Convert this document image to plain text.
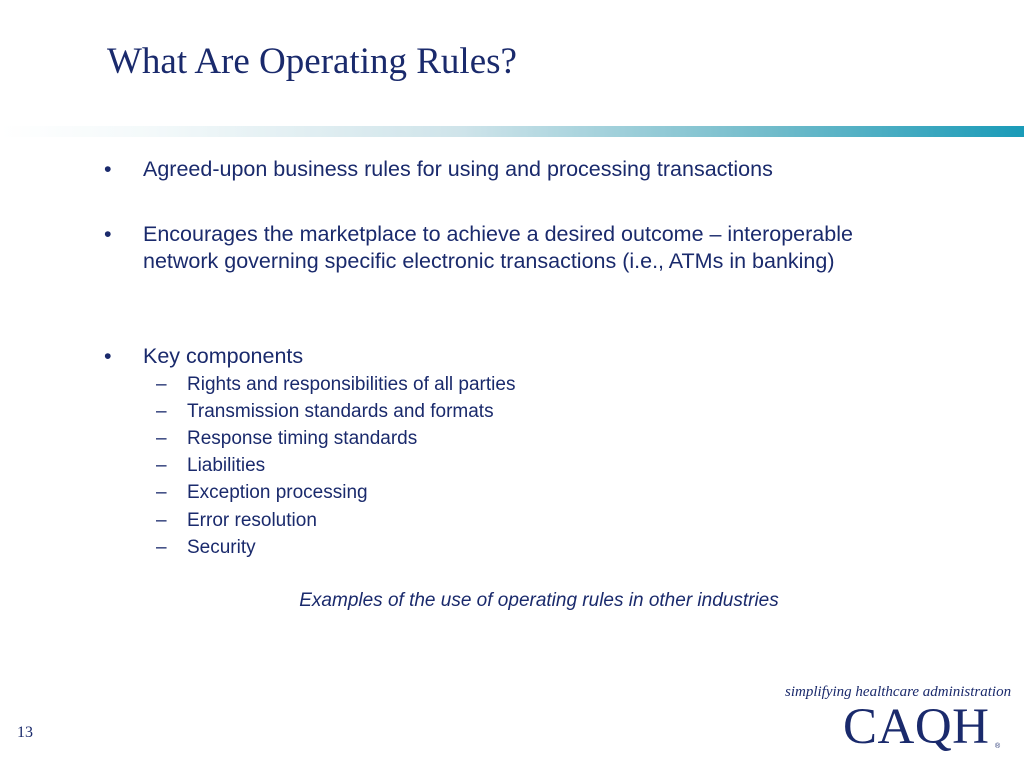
What Are Operating Rules?
• Agreed-upon business rules for using and processing transactions
• Encourages the marketplace to achieve a desired outcome – interoperable network governing specific electronic transactions (i.e., ATMs in banking)
• Key components
– Rights and responsibilities of all parties
– Transmission standards and formats
– Response timing standards
– Liabilities
– Exception processing
– Error resolution
– Security
Examples of the use of operating rules in other industries
13
simplifying healthcare administration
CAQH ®
